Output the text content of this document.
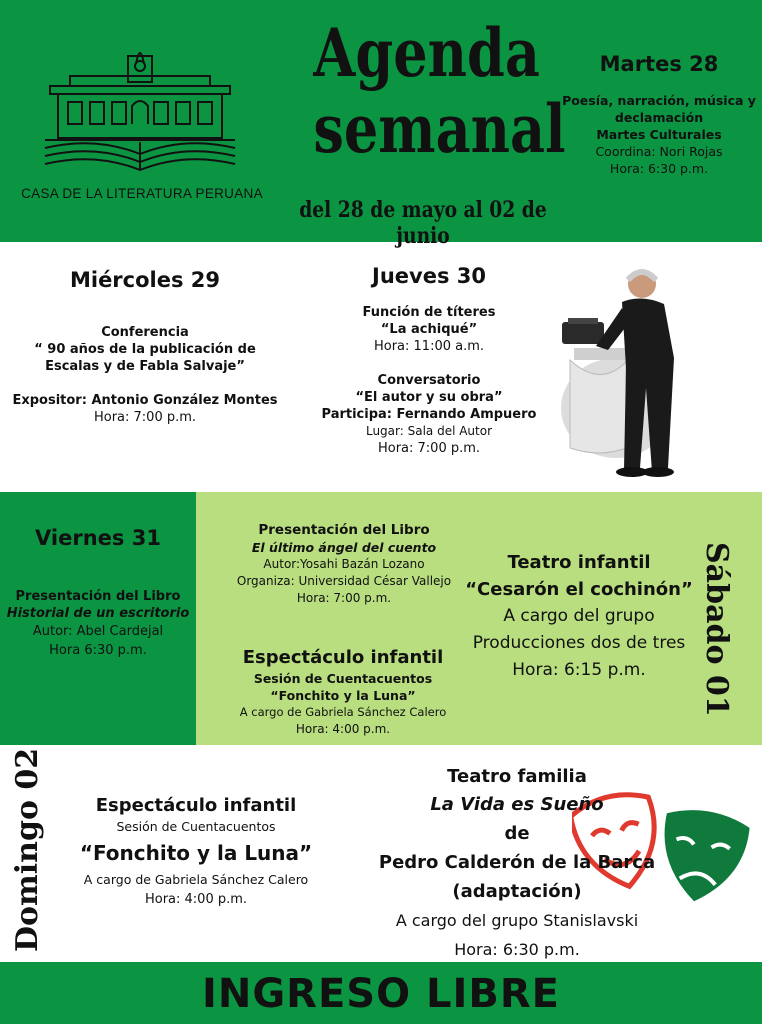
CASA DE LA LITERATURA PERUANA
Agenda
semanal
del 28 de mayo al 02 de junio
Martes 28
Poesía, narración, música y
declamación
Martes Culturales
Coordina: Nori Rojas
Hora: 6:30 p.m.
Miércoles 29
Conferencia
“ 90 años de la publicación de
Escalas y de Fabla Salvaje”
Expositor: Antonio González Montes
Hora: 7:00 p.m.
Jueves 30
Función de títeres
“La achiqué”
Hora: 11:00 a.m.
Conversatorio
“El autor y su obra”
Participa: Fernando Ampuero
Lugar: Sala del Autor
Hora: 7:00 p.m.
Viernes 31
Presentación del Libro
Historial de un escritorio
Autor: Abel Cardejal
Hora 6:30 p.m.
Presentación del Libro
El último ángel del cuento
Autor:Yosahi Bazán Lozano
Organiza: Universidad César Vallejo
Hora: 7:00 p.m.
Espectáculo infantil
Sesión de Cuentacuentos
“Fonchito y la Luna”
A cargo de Gabriela Sánchez Calero
Hora: 4:00 p.m.
Teatro infantil
“Cesarón el cochinón”
A cargo del grupo
Producciones dos de tres
Hora: 6:15 p.m.	Sábado 01
Domingo 02	Espectáculo infantil
Sesión de Cuentacuentos
“Fonchito y la Luna”
A cargo de Gabriela Sánchez Calero
Hora: 4:00 p.m.
Teatro familia
La Vida es Sueño
de
Pedro Calderón de la Barca
(adaptación)
A cargo del grupo Stanislavski
Hora: 6:30 p.m.
INGRESO LIBRE
